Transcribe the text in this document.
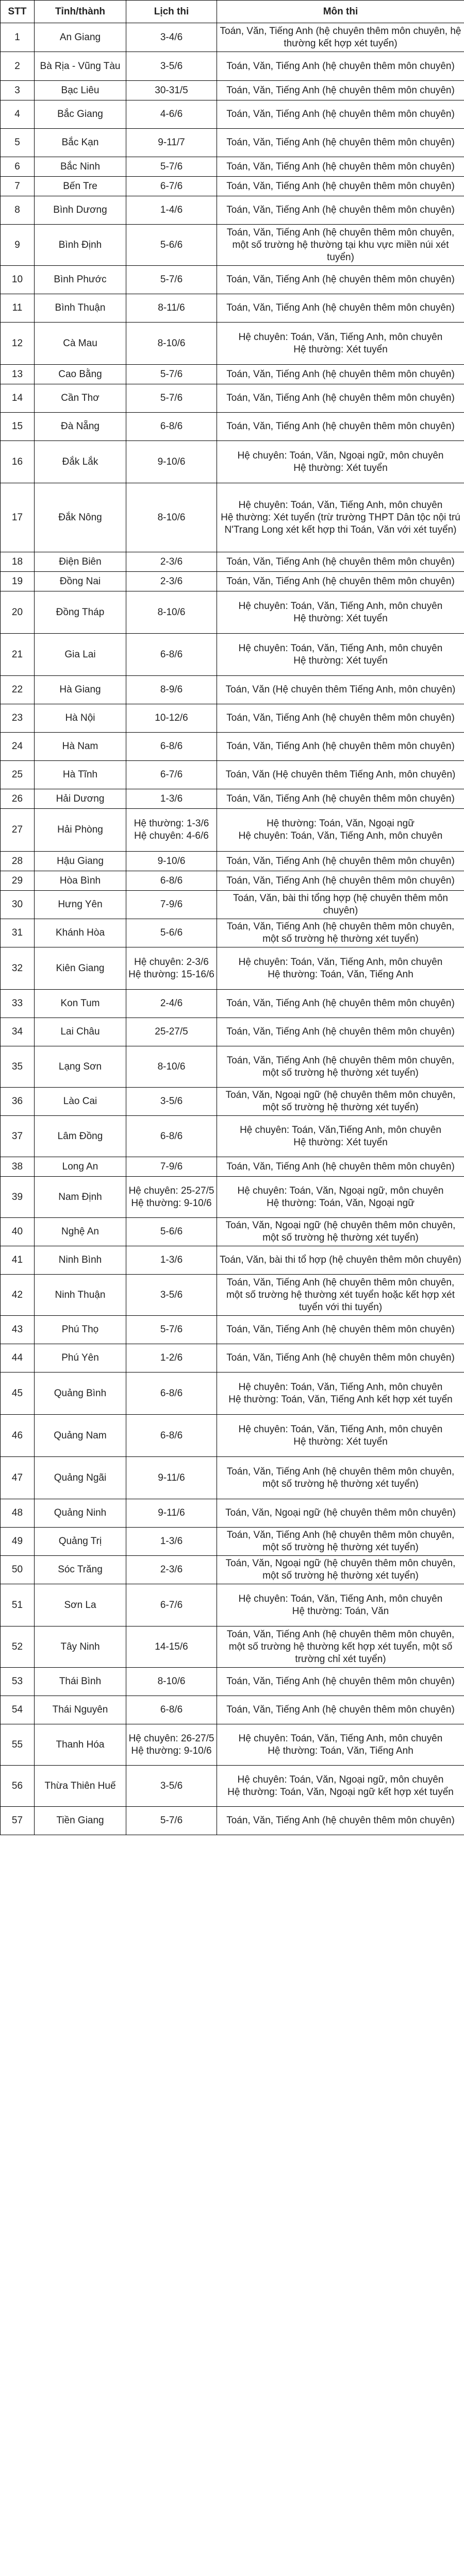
STT	Tỉnh/thành	Lịch thi	Môn thi
1	An Giang	3-4/6	Toán, Văn, Tiếng Anh (hệ chuyên thêm môn chuyên, hệ thường kết hợp xét tuyển)

2	Bà Rịa - Vũng Tàu	3-5/6	Toán, Văn, Tiếng Anh (hệ chuyên thêm môn chuyên)

3	Bạc Liêu	30-31/5	Toán, Văn, Tiếng Anh (hệ chuyên thêm môn chuyên)

4	Bắc Giang	4-6/6	Toán, Văn, Tiếng Anh (hệ chuyên thêm môn chuyên)

5	Bắc Kạn	9-11/7	Toán, Văn, Tiếng Anh (hệ chuyên thêm môn chuyên)

6	Bắc Ninh	5-7/6	Toán, Văn, Tiếng Anh (hệ chuyên thêm môn chuyên)

7	Bến Tre	6-7/6	Toán, Văn, Tiếng Anh (hệ chuyên thêm môn chuyên)

8	Bình Dương	1-4/6	Toán, Văn, Tiếng Anh (hệ chuyên thêm môn chuyên)

9	Bình Định	5-6/6	Toán, Văn, Tiếng Anh (hệ chuyên thêm môn chuyên, một số trường hệ thường tại khu vực miền núi xét tuyển)

10	Bình Phước	5-7/6	Toán, Văn, Tiếng Anh (hệ chuyên thêm môn chuyên)

11	Bình Thuận	8-11/6	Toán, Văn, Tiếng Anh (hệ chuyên thêm môn chuyên)

12	Cà Mau	8-10/6	Hệ chuyên: Toán, Văn, Tiếng Anh, môn chuyên
Hệ thường: Xét tuyển

13	Cao Bằng	5-7/6	Toán, Văn, Tiếng Anh (hệ chuyên thêm môn chuyên)

14	Cần Thơ	5-7/6	Toán, Văn, Tiếng Anh (hệ chuyên thêm môn chuyên)

15	Đà Nẵng	6-8/6	Toán, Văn, Tiếng Anh (hệ chuyên thêm môn chuyên)

16	Đắk Lắk	9-10/6	Hệ chuyên: Toán, Văn, Ngoại ngữ, môn chuyên
Hệ thường: Xét tuyển

17	Đắk Nông	8-10/6	Hệ chuyên: Toán, Văn, Tiếng Anh, môn chuyên
Hệ thường: Xét tuyển (trừ trường THPT Dân tộc nội trú N'Trang Long xét kết hợp thi Toán, Văn với xét tuyển)

18	Điện Biên	2-3/6	Toán, Văn, Tiếng Anh (hệ chuyên thêm môn chuyên)

19	Đồng Nai	2-3/6	Toán, Văn, Tiếng Anh (hệ chuyên thêm môn chuyên)

20	Đồng Tháp	8-10/6	Hệ chuyên: Toán, Văn, Tiếng Anh, môn chuyên
Hệ thường: Xét tuyển

21	Gia Lai	6-8/6	Hệ chuyên: Toán, Văn, Tiếng Anh, môn chuyên
Hệ thường: Xét tuyển

22	Hà Giang	8-9/6	Toán, Văn (Hệ chuyên thêm Tiếng Anh, môn chuyên)

23	Hà Nội	10-12/6	Toán, Văn, Tiếng Anh (hệ chuyên thêm môn chuyên)

24	Hà Nam	6-8/6	Toán, Văn, Tiếng Anh (hệ chuyên thêm môn chuyên)

25	Hà Tĩnh	6-7/6	Toán, Văn (Hệ chuyên thêm Tiếng Anh, môn chuyên)

26	Hải Dương	1-3/6	Toán, Văn, Tiếng Anh (hệ chuyên thêm môn chuyên)

27	Hải Phòng	Hệ thường: 1-3/6 Hệ chuyên: 4-6/6	Hệ thường: Toán, Văn, Ngoại ngữ
Hệ chuyên: Toán, Văn, Tiếng Anh, môn chuyên

28	Hậu Giang	9-10/6	Toán, Văn, Tiếng Anh (hệ chuyên thêm môn chuyên)

29	Hòa Bình	6-8/6	Toán, Văn, Tiếng Anh (hệ chuyên thêm môn chuyên)

30	Hưng Yên	7-9/6	Toán, Văn, bài thi tổng hợp (hệ chuyên thêm môn chuyên)

31	Khánh Hòa	5-6/6	Toán, Văn, Tiếng Anh (hệ chuyên thêm môn chuyên, một số trường hệ thường xét tuyển)

32	Kiên Giang	Hệ chuyên: 2-3/6 Hệ thường: 15-16/6	Hệ chuyên: Toán, Văn, Tiếng Anh, môn chuyên
Hệ thường: Toán, Văn, Tiếng Anh

33	Kon Tum	2-4/6	Toán, Văn, Tiếng Anh (hệ chuyên thêm môn chuyên)

34	Lai Châu	25-27/5	Toán, Văn, Tiếng Anh (hệ chuyên thêm môn chuyên)

35	Lạng Sơn	8-10/6	Toán, Văn, Tiếng Anh (hệ chuyên thêm môn chuyên, một số trường hệ thường xét tuyển)

36	Lào Cai	3-5/6	Toán, Văn, Ngoại ngữ (hệ chuyên thêm môn chuyên, một số trường hệ thường xét tuyển)

37	Lâm Đồng	6-8/6	Hệ chuyên: Toán, Văn,Tiếng Anh, môn chuyên
Hệ thường: Xét tuyển

38	Long An	7-9/6	Toán, Văn, Tiếng Anh (hệ chuyên thêm môn chuyên)

39	Nam Định	Hệ chuyên: 25-27/5 Hệ thường: 9-10/6	Hệ chuyên: Toán, Văn, Ngoại ngữ, môn chuyên
Hệ thường: Toán, Văn, Ngoại ngữ

40	Nghệ An	5-6/6	Toán, Văn, Ngoại ngữ (hệ chuyên thêm môn chuyên, một số trường hệ thường xét tuyển)

41	Ninh Bình	1-3/6	Toán, Văn, bài thi tổ hợp (hệ chuyên thêm môn chuyên)

42	Ninh Thuận	3-5/6	Toán, Văn, Tiếng Anh (hệ chuyên thêm môn chuyên, một số trường hệ thường xét tuyển hoặc kết hợp xét tuyển với thi tuyển)

43	Phú Thọ	5-7/6	Toán, Văn, Tiếng Anh (hệ chuyên thêm môn chuyên)

44	Phú Yên	1-2/6	Toán, Văn, Tiếng Anh (hệ chuyên thêm môn chuyên)

45	Quảng Bình	6-8/6	Hệ chuyên: Toán, Văn, Tiếng Anh, môn chuyên
Hệ thường: Toán, Văn, Tiếng Anh kết hợp xét tuyển

46	Quảng Nam	6-8/6	Hệ chuyên: Toán, Văn, Tiếng Anh, môn chuyên
Hệ thường: Xét tuyển

47	Quảng Ngãi	9-11/6	Toán, Văn, Tiếng Anh (hệ chuyên thêm môn chuyên, một số trường hệ thường xét tuyển)

48	Quảng Ninh	9-11/6	Toán, Văn, Ngoại ngữ (hệ chuyên thêm môn chuyên)

49	Quảng Trị	1-3/6	Toán, Văn, Tiếng Anh (hệ chuyên thêm môn chuyên, một số trường hệ thường xét tuyển)

50	Sóc Trăng	2-3/6	Toán, Văn, Ngoại ngữ (hệ chuyên thêm môn chuyên, một số trường hệ thường xét tuyển)

51	Sơn La	6-7/6	Hệ chuyên: Toán, Văn, Tiếng Anh, môn chuyên
Hệ thường: Toán, Văn

52	Tây Ninh	14-15/6	Toán, Văn, Tiếng Anh (hệ chuyên thêm môn chuyên, một số trường hệ thường kết hợp xét tuyển, một số trường chỉ xét tuyển)

53	Thái Bình	8-10/6	Toán, Văn, Tiếng Anh (hệ chuyên thêm môn chuyên)

54	Thái Nguyên	6-8/6	Toán, Văn, Tiếng Anh (hệ chuyên thêm môn chuyên)

55	Thanh Hóa	Hệ chuyên: 26-27/5 Hệ thường: 9-10/6	Hệ chuyên: Toán, Văn, Tiếng Anh, môn chuyên
Hệ thường: Toán, Văn, Tiếng Anh

56	Thừa Thiên Huế	3-5/6	Hệ chuyên: Toán, Văn, Ngoại ngữ, môn chuyên
Hệ thường: Toán, Văn, Ngoại ngữ kết hợp xét tuyển

57	Tiền Giang	5-7/6	Toán, Văn, Tiếng Anh (hệ chuyên thêm môn chuyên)
